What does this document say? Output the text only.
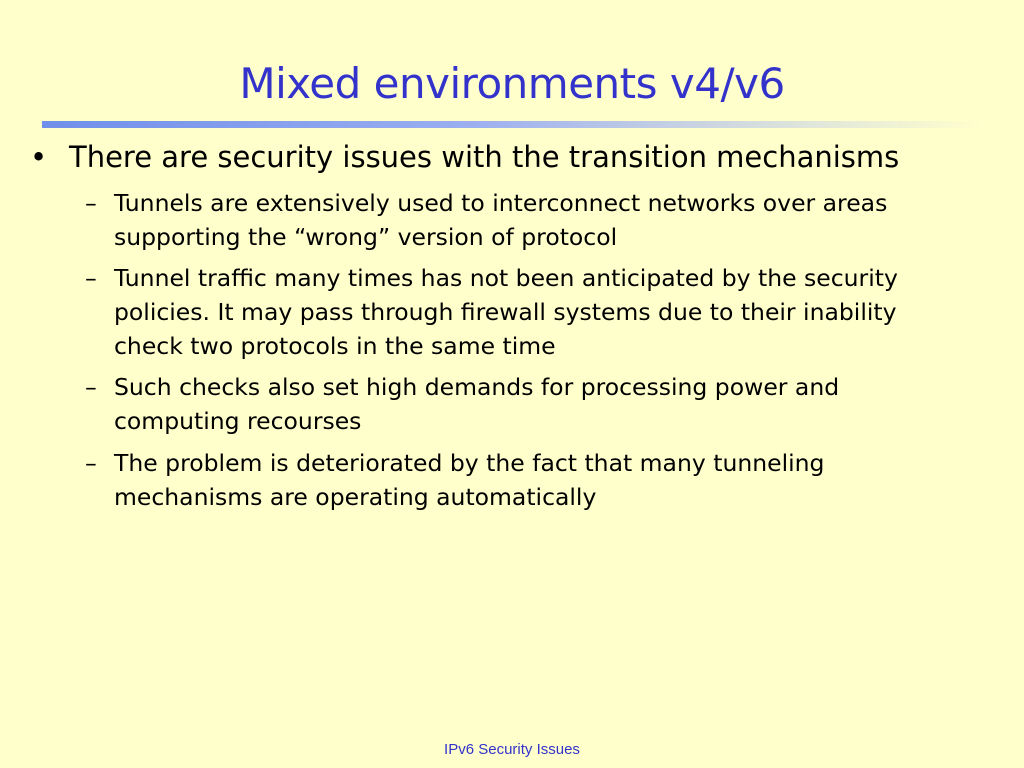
Mixed environments v4/v6
• There are security issues with the transition mechanisms
– Tunnels are extensively used to interconnect networks over areas supporting the “wrong” version of protocol
– Tunnel traffic many times has not been anticipated by the security policies. It may pass through firewall systems due to their inability check two protocols in the same time
– Such checks also set high demands for processing power and computing recourses
– The problem is deteriorated by the fact that many tunneling mechanisms are operating automatically
IPv6 Security Issues
